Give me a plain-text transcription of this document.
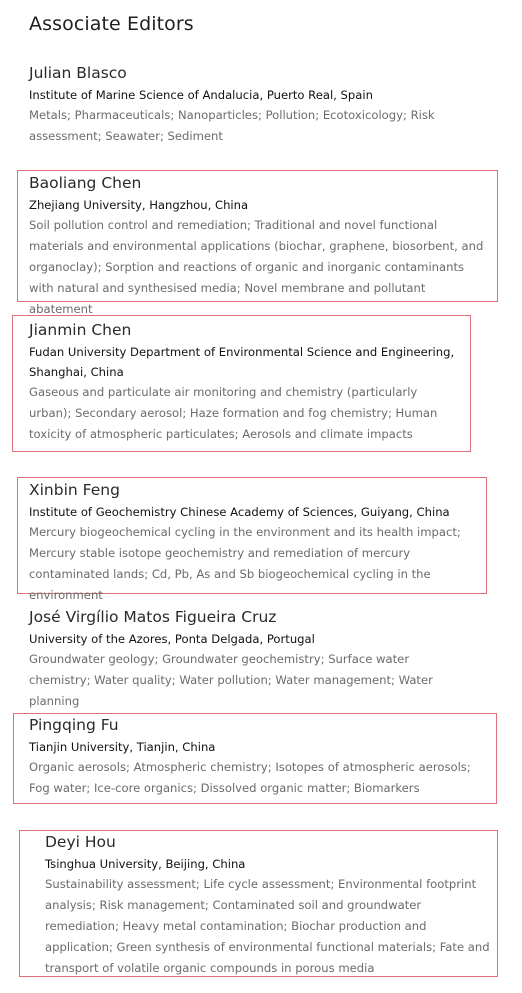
Associate Editors
Julian Blasco
Institute of Marine Science of Andalucia, Puerto Real, Spain
Metals; Pharmaceuticals; Nanoparticles; Pollution; Ecotoxicology; Risk assessment; Seawater; Sediment
Baoliang Chen
Zhejiang University, Hangzhou, China
Soil pollution control and remediation; Traditional and novel functional materials and environmental applications (biochar, graphene, biosorbent, and organoclay); Sorption and reactions of organic and inorganic contaminants with natural and synthesised media; Novel membrane and pollutant abatement
Jianmin Chen
Fudan University Department of Environmental Science and Engineering, Shanghai, China
Gaseous and particulate air monitoring and chemistry (particularly urban); Secondary aerosol; Haze formation and fog chemistry; Human toxicity of atmospheric particulates; Aerosols and climate impacts
Xinbin Feng
Institute of Geochemistry Chinese Academy of Sciences, Guiyang, China
Mercury biogeochemical cycling in the environment and its health impact; Mercury stable isotope geochemistry and remediation of mercury contaminated lands; Cd, Pb, As and Sb biogeochemical cycling in the environment
José Virgílio Matos Figueira Cruz
University of the Azores, Ponta Delgada, Portugal
Groundwater geology; Groundwater geochemistry; Surface water chemistry; Water quality; Water pollution; Water management; Water planning
Pingqing Fu
Tianjin University, Tianjin, China
Organic aerosols; Atmospheric chemistry; Isotopes of atmospheric aerosols; Fog water; Ice-core organics; Dissolved organic matter; Biomarkers
Deyi Hou
Tsinghua University, Beijing, China
Sustainability assessment; Life cycle assessment; Environmental footprint analysis; Risk management; Contaminated soil and groundwater remediation; Heavy metal contamination; Biochar production and application; Green synthesis of environmental functional materials; Fate and transport of volatile organic compounds in porous media
